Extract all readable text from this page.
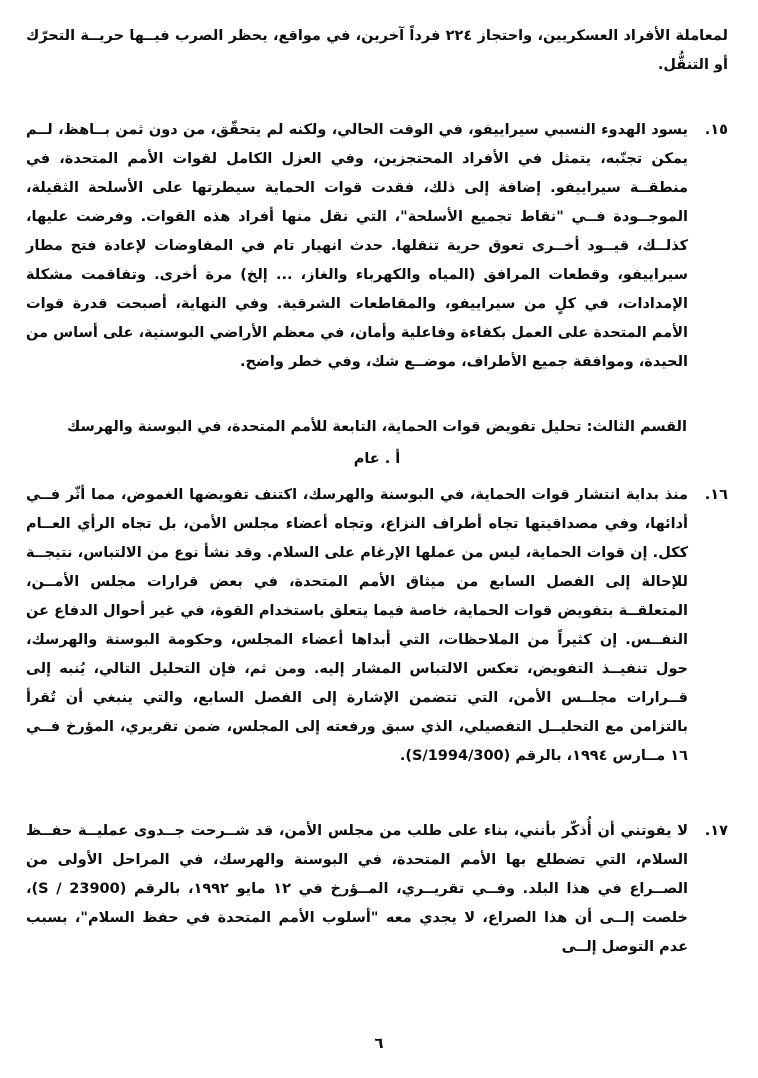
لمعاملة الأفراد العسكريين، واحتجاز ٢٢٤ فرداً آخرين، في مواقع، يحظر الصرب فيــها حريــة التحرّك أو التنقُّل.

١٥.

يسود الهدوء النسبي سيراييفو، في الوقت الحالي، ولكنه لم يتحقّق، من دون ثمن بــاهظ، لــم يمكن تجنّبه، يتمثل في الأفراد المحتجزين، وفي العزل الكامل لقوات الأمم المتحدة، في منطقــة سيراييفو. إضافة إلى ذلك، فقدت قوات الحماية سيطرتها على الأسلحة الثقيلة، الموجــودة فــي "نقاط تجميع الأسلحة"، التي نقل منها أفراد هذه القوات. وفرضت عليها، كذلــك، قيــود أخــرى تعوق حرية تنقلها. حدث انهيار تام في المفاوضات لإعادة فتح مطار سيراييفو، وقطعات المرافق (المياه والكهرباء والغاز، ... إلخ) مرة أخرى. وتفاقمت مشكلة الإمدادات، في كلٍ من سيراييفو، والمقاطعات الشرقية. وفي النهاية، أصبحت قدرة قوات الأمم المتحدة على العمل بكفاءة وفاعلية وأمان، في معظم الأراضي البوسنية، على أساس من الحيدة، وموافقة جميع الأطراف، موضــع شك، وفي خطر واضح.

القسم الثالث: تحليل تفويض قوات الحماية، التابعة للأمم المتحدة، في البوسنة والهرسك

أ . عام

١٦.

منذ بداية انتشار قوات الحماية، في البوسنة والهرسك، اكتنف تفويضها الغموض، مما أثّر فــي أدائها، وفي مصداقيتها تجاه أطراف النزاع، وتجاه أعضاء مجلس الأمن، بل تجاه الرأي العــام ككل. إن قوات الحماية، ليس من عملها الإرغام على السلام. وقد نشأ نوع من الالتباس، نتيجــة للإحالة إلى الفصل السابع من ميثاق الأمم المتحدة، في بعض قرارات مجلس الأمــن، المتعلقــة بتفويض قوات الحماية، خاصة فيما يتعلق باستخدام القوة، في غير أحوال الدفاع عن النفــس. إن كثيراً من الملاحظات، التي أبداها أعضاء المجلس، وحكومة البوسنة والهرسك، حول تنفيــذ التفويض، تعكس الالتباس المشار إليه. ومن ثم، فإن التحليل التالي، يُنبه إلى قــرارات مجلــس الأمن، التي تتضمن الإشارة إلى الفصل السابع، والتي ينبغي أن تُقرأ بالتزامن مع التحليــل التفصيلي، الذي سبق ورفعته إلى المجلس، ضمن تقريري، المؤرخ فــي ١٦ مــارس ١٩٩٤، بالرقم (S/1994/300).

١٧.

لا يفوتني أن أُذكّر بأنني، بناء على طلب من مجلس الأمن، قد شــرحت جــدوى عمليــة حفــظ السلام، التي تضطلع بها الأمم المتحدة، في البوسنة والهرسك، في المراحل الأولى من الصــراع في هذا البلد. وفــي تقريــري، المــؤرخ في ١٢ مايو ١٩٩٢، بالرقم (S / 23900)، خلصت إلــى أن هذا الصراع، لا يجدي معه "أسلوب الأمم المتحدة في حفظ السلام"، بسبب عدم التوصل إلــى

٦
